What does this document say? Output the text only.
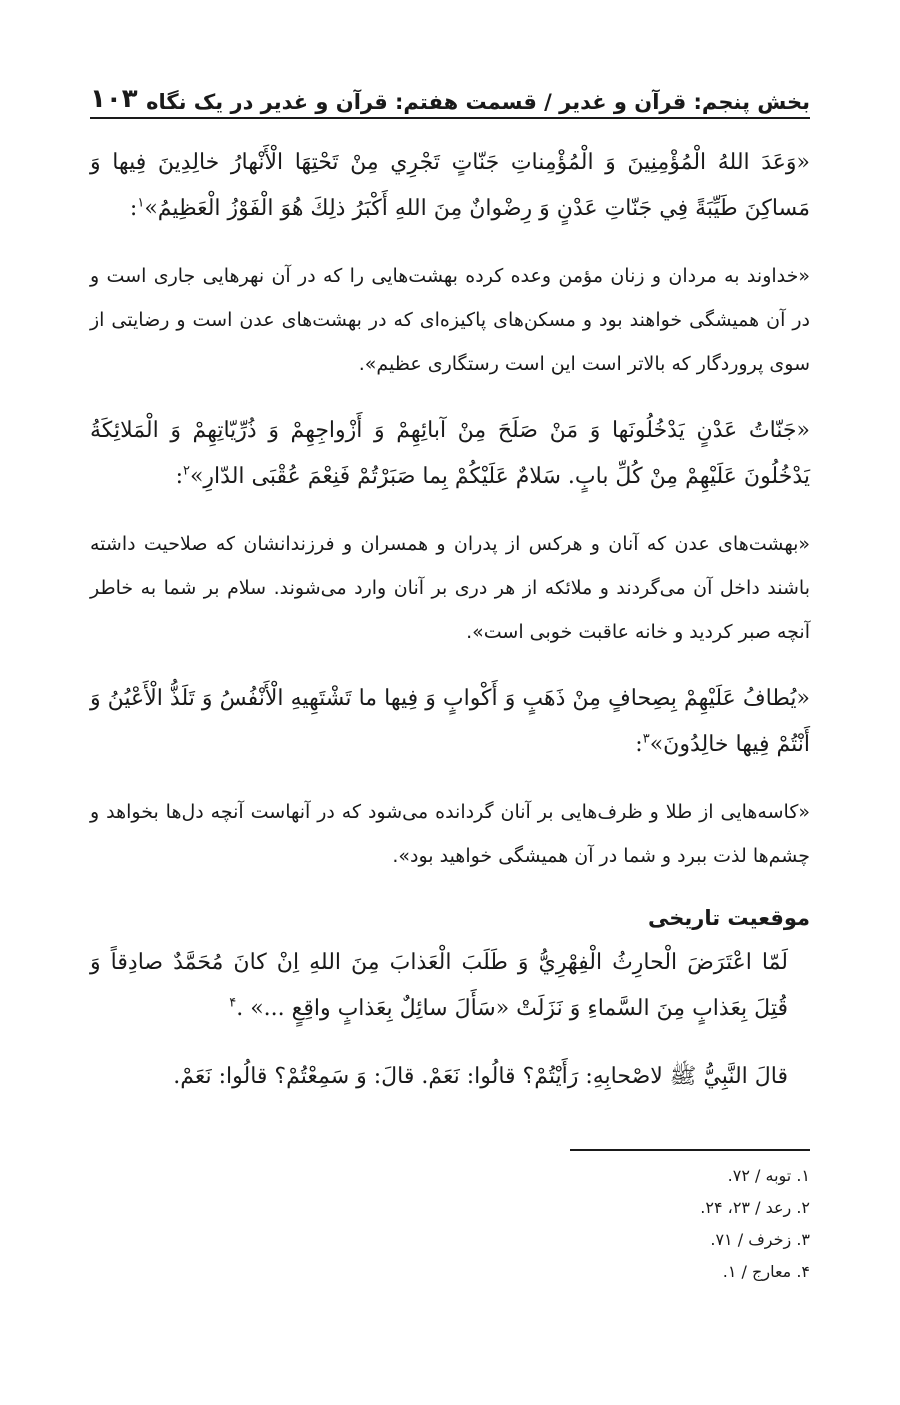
بخش پنجم: قرآن و غدیر / قسمت هفتم: قرآن و غدیر در یک نگاه
۱۰۳

«وَعَدَ اللهُ الْمُؤْمِنِينَ وَ الْمُؤْمِناتِ جَنّاتٍ تَجْرِي مِنْ تَحْتِهَا الْأَنْهارُ خالِدِينَ فِيها وَ مَساكِنَ طَيِّبَةً فِي جَنّاتِ عَدْنٍ وَ رِضْوانٌ مِنَ اللهِ أَكْبَرُ ذلِكَ هُوَ الْفَوْزُ الْعَظِيمُ»$^۱$:

«خداوند به مردان و زنان مؤمن وعده کرده بهشت‌هایی را که در آن نهرهایی جاری است و در آن همیشگی خواهند بود و مسکن‌های پاکیزه‌ای که در بهشت‌های عدن است و رضایتی از سوی پروردگار که بالاتر است این است رستگاری عظیم».

«جَنّاتُ عَدْنٍ يَدْخُلُونَها وَ مَنْ صَلَحَ مِنْ آبائِهِمْ وَ أَزْواجِهِمْ وَ ذُرِّيّاتِهِمْ وَ الْمَلائِكَةُ يَدْخُلُونَ عَلَيْهِمْ مِنْ كُلِّ بابٍ. سَلامٌ عَلَيْكُمْ بِما صَبَرْتُمْ فَنِعْمَ عُقْبَى الدّارِ»$^۲$:

«بهشت‌های عدن که آنان و هرکس از پدران و همسران و فرزندانشان که صلاحیت داشته باشند داخل آن می‌گردند و ملائکه از هر دری بر آنان وارد می‌شوند. سلام بر شما به خاطر آنچه صبر کردید و خانه عاقبت خوبی است».

«يُطافُ عَلَيْهِمْ بِصِحافٍ مِنْ ذَهَبٍ وَ أَكْوابٍ وَ فِيها ما تَشْتَهِيهِ الْأَنْفُسُ وَ تَلَذُّ الْأَعْيُنُ وَ أَنْتُمْ فِيها خالِدُونَ»$^۳$:

«کاسه‌هایی از طلا و ظرف‌هایی بر آنان گردانده می‌شود که در آنهاست آنچه دل‌ها بخواهد و چشم‌ها لذت ببرد و شما در آن همیشگی خواهید بود».

موقعیت تاریخی

لَمّا اعْتَرَضَ الْحارِثُ الْفِهْرِيُّ وَ طَلَبَ الْعَذابَ مِنَ اللهِ اِنْ كانَ مُحَمَّدٌ صادِقاً وَ قُتِلَ بِعَذابٍ مِنَ السَّماءِ وَ نَزَلَتْ «سَأَلَ سائِلٌ بِعَذابٍ واقِعٍ ...» .$^۴$

قالَ النَّبِيُّ ﷺ لاصْحابِهِ: رَأَيْتُمْ؟ قالُوا: نَعَمْ. قالَ: وَ سَمِعْتُمْ؟ قالُوا: نَعَمْ.

۱. توبه / ۷۲.
۲. رعد / ۲۳، ۲۴.
۳. زخرف / ۷۱.
۴. معارج / ۱.
